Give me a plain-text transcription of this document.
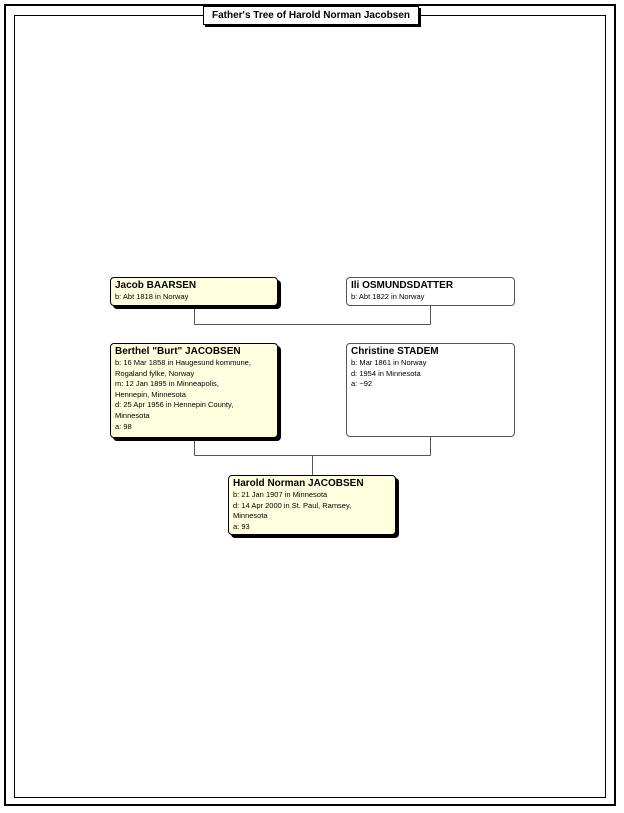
Father's Tree of Harold Norman Jacobsen
Jacob BAARSEN
b: Abt 1818 in Norway
Ili OSMUNDSDATTER
b: Abt 1822 in Norway
Berthel "Burt" JACOBSEN
b: 16 Mar 1858 in Haugesund kommune,
Rogaland fylke, Norway
m: 12 Jan 1895 in Minneapolis,
Hennepin, Minnesota
d: 25 Apr 1956 in Hennepin County,
Minnesota
a: 98
Christine STADEM
b: Mar 1861 in Norway
d: 1954 in Minnesota
a: ~92
Harold Norman JACOBSEN
b: 21 Jan 1907 in Minnesota
d: 14 Apr 2000 in St. Paul, Ramsey,
Minnesota
a: 93
